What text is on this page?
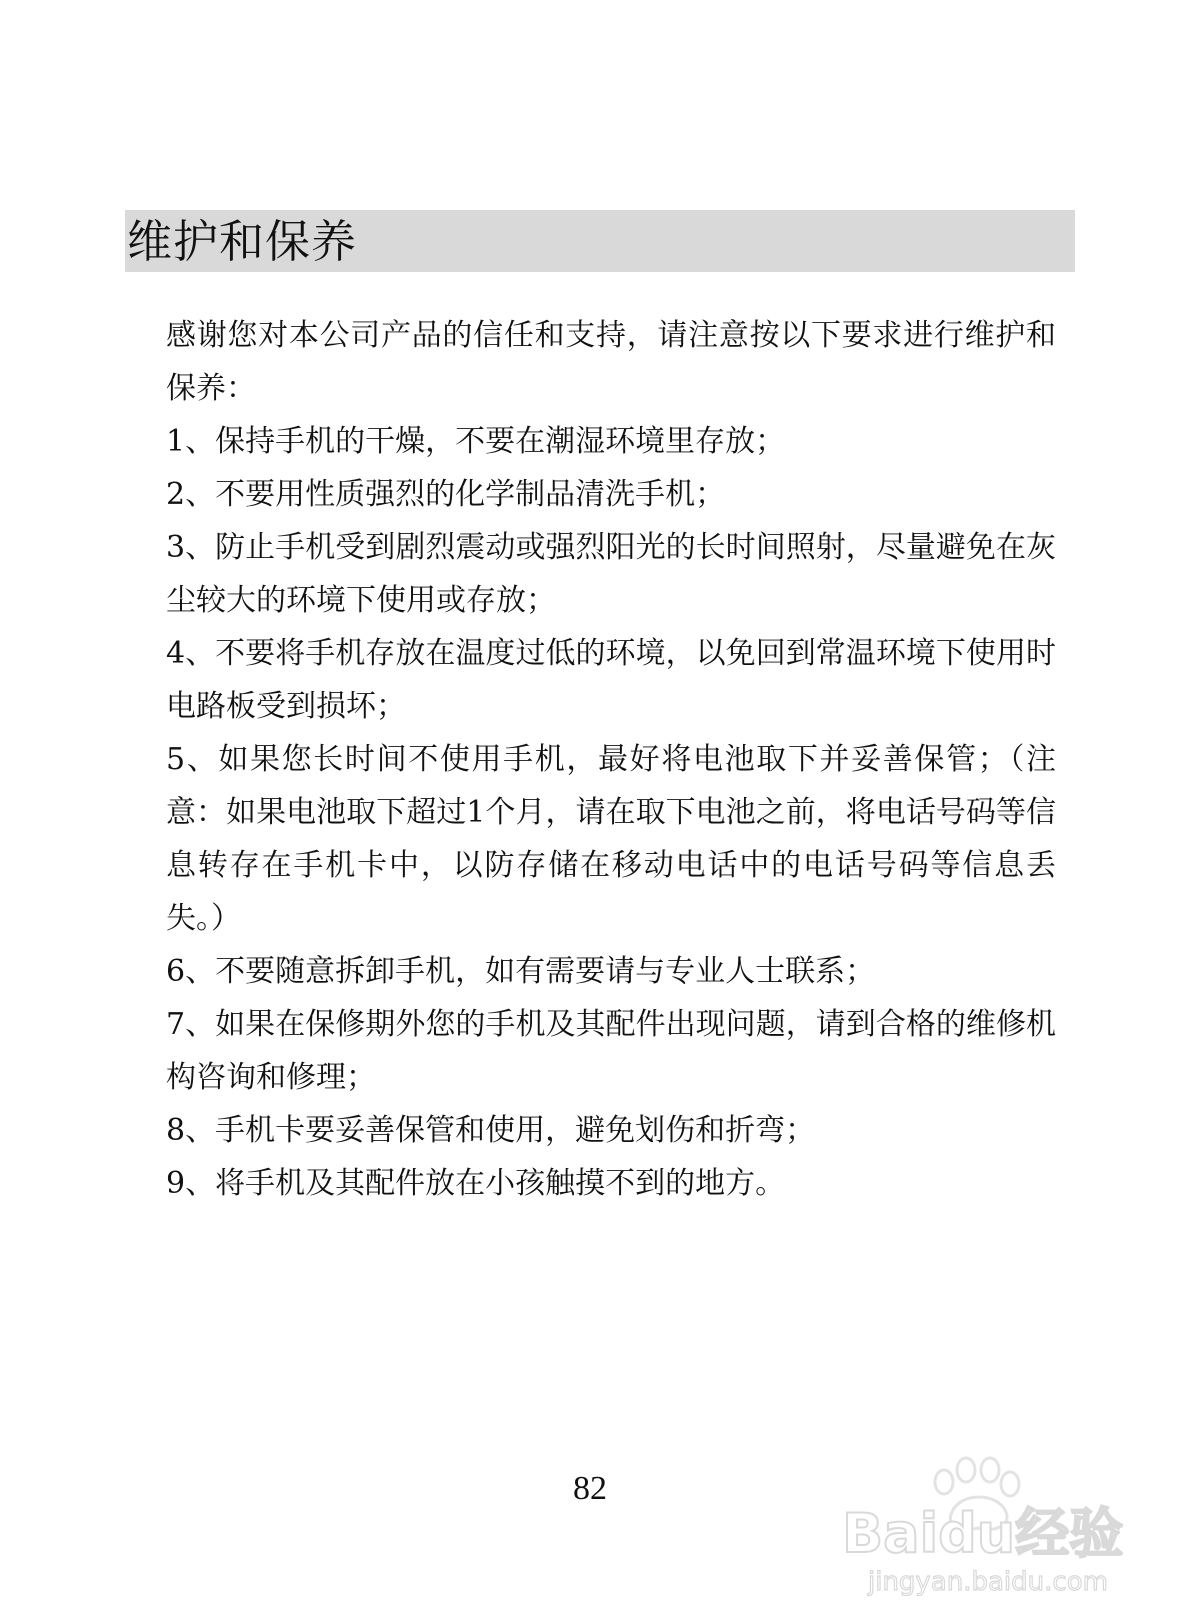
维护和保养

感谢您对本公司产品的信任和支持，请注意按以下要求进行维护和保养：

1、保持手机的干燥，不要在潮湿环境里存放；

2、不要用性质强烈的化学制品清洗手机；

3、防止手机受到剧烈震动或强烈阳光的长时间照射，尽量避免在灰尘较大的环境下使用或存放；

4、不要将手机存放在温度过低的环境，以免回到常温环境下使用时电路板受到损坏；

5、如果您长时间不使用手机，最好将电池取下并妥善保管；（注意：如果电池取下超过1个月，请在取下电池之前，将电话号码等信息转存在手机卡中，以防存储在移动电话中的电话号码等信息丢失。）

6、不要随意拆卸手机，如有需要请与专业人士联系；

7、如果在保修期外您的手机及其配件出现问题，请到合格的维修机构咨询和修理；

8、手机卡要妥善保管和使用，避免划伤和折弯；

9、将手机及其配件放在小孩触摸不到的地方。

82
Baidu经验
jingyan.baidu.com
